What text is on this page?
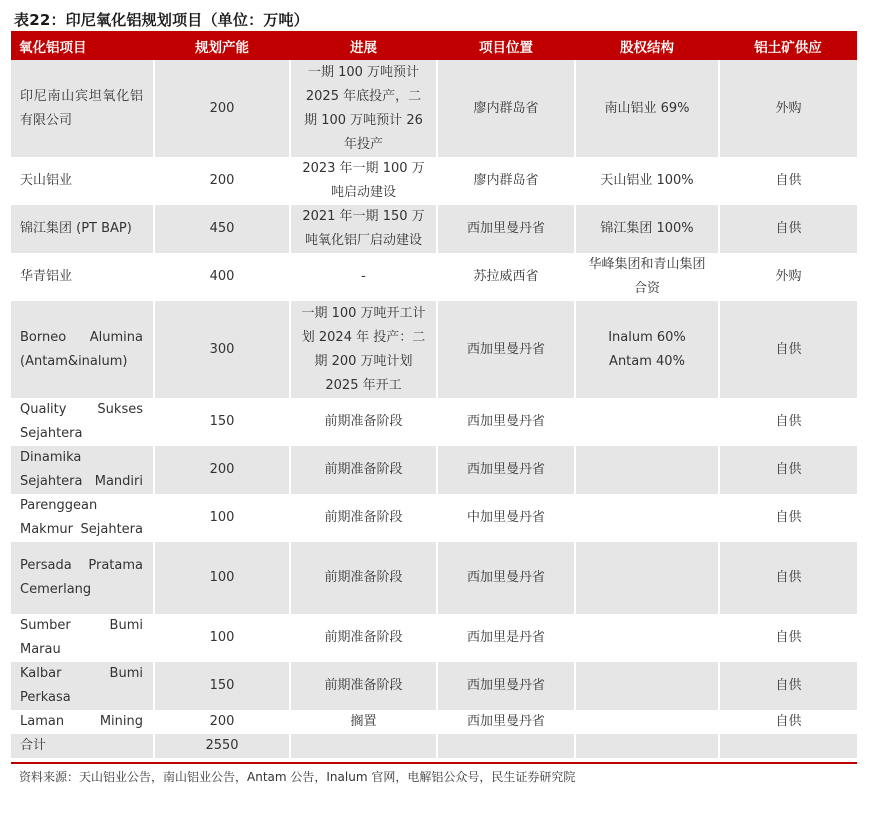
表22：印尼氧化铝规划项目（单位：万吨）
氧化铝项目	规划产能	进展	项目位置	股权结构	铝土矿供应
印尼南山宾坦氧化铝有限公司	200	一期 100 万吨预计 2025 年底投产，二期 100 万吨预计 26 年投产	廖内群岛省	南山铝业 69%	外购
天山铝业	200	2023 年一期 100 万吨启动建设	廖内群岛省	天山铝业 100%	自供
锦江集团 (PT BAP)	450	2021 年一期 150 万吨氧化铝厂启动建设	西加里曼丹省	锦江集团 100%	自供
华青铝业	400	-	苏拉威西省	华峰集团和青山集团合资	外购
Borneo Alumina (Antam&inalum)	300	一期 100 万吨开工计划 2024 年 投产：二期 200 万吨计划 2025 年开工	西加里曼丹省	Inalum 60% Antam 40%	自供
Quality Sukses Sejahtera	150	前期准备阶段	西加里曼丹省		自供
Dinamika Sejahtera Mandiri	200	前期准备阶段	西加里曼丹省		自供
Parenggean Makmur Sejahtera	100	前期准备阶段	中加里曼丹省		自供
Persada Pratama Cemerlang	100	前期准备阶段	西加里曼丹省		自供
Sumber Bumi Marau	100	前期准备阶段	西加里是丹省		自供
Kalbar Bumi Perkasa	150	前期准备阶段	西加里曼丹省		自供
Laman Mining	200	搁置	西加里曼丹省		自供
合计	2550				
资料来源：天山铝业公告，南山铝业公告，Antam 公告，Inalum 官网，电解铝公众号，民生证券研究院
